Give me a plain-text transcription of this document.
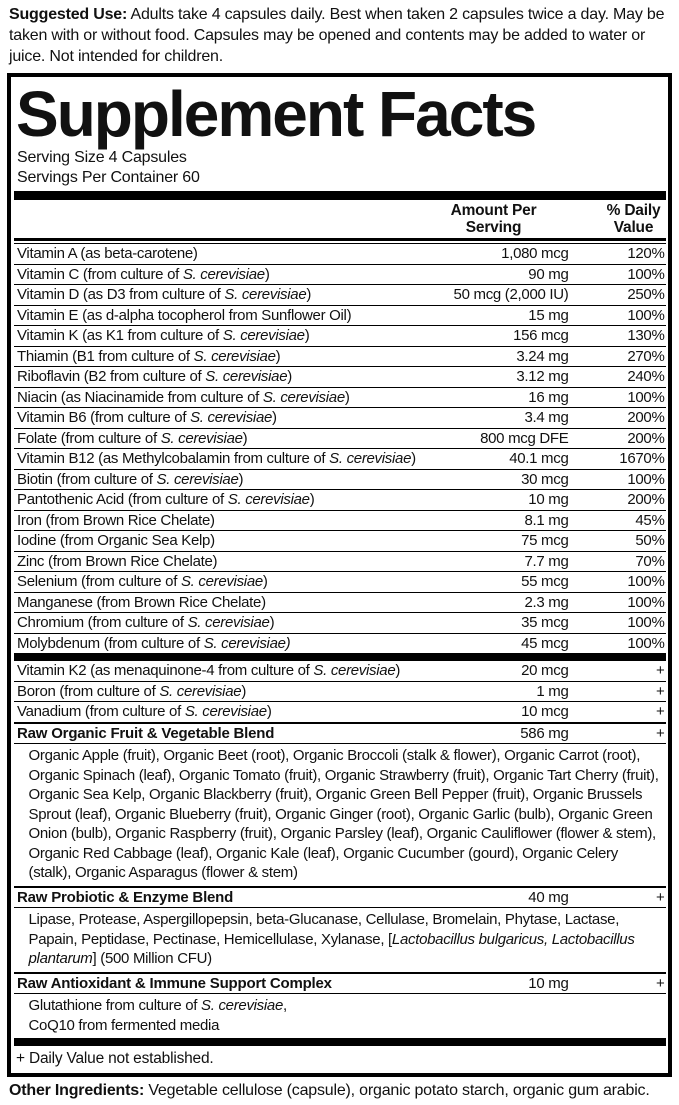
Suggested Use: Adults take 4 capsules daily. Best when taken 2 capsules twice a day. May be taken with or without food. Capsules may be opened and contents may be added to water or juice. Not intended for children.
Supplement Facts
Serving Size 4 Capsules
Servings Per Container 60
Amount Per Serving
% Daily Value
Vitamin A (as beta-carotene)	1,080 mcg	120%
Vitamin C (from culture of S. cerevisiae)	90 mg	100%
Vitamin D (as D3 from culture of S. cerevisiae)	50 mcg (2,000 IU)	250%
Vitamin E (as d-alpha tocopherol from Sunflower Oil)	15 mg	100%
Vitamin K (as K1 from culture of S. cerevisiae)	156 mcg	130%
Thiamin (B1 from culture of S. cerevisiae)	3.24 mg	270%
Riboflavin (B2 from culture of S. cerevisiae)	3.12 mg	240%
Niacin (as Niacinamide from culture of S. cerevisiae)	16 mg	100%
Vitamin B6 (from culture of S. cerevisiae)	3.4 mg	200%
Folate (from culture of S. cerevisiae)	800 mcg DFE	200%
Vitamin B12 (as Methylcobalamin from culture of S. cerevisiae)	40.1 mcg	1670%
Biotin (from culture of S. cerevisiae)	30 mcg	100%
Pantothenic Acid (from culture of S. cerevisiae)	10 mg	200%
Iron (from Brown Rice Chelate)	8.1 mg	45%
Iodine (from Organic Sea Kelp)	75 mcg	50%
Zinc (from Brown Rice Chelate)	7.7 mg	70%
Selenium (from culture of S. cerevisiae)	55 mcg	100%
Manganese (from Brown Rice Chelate)	2.3 mg	100%
Chromium (from culture of S. cerevisiae)	35 mcg	100%
Molybdenum (from culture of S. cerevisiae)	45 mcg	100%
Vitamin K2 (as menaquinone-4 from culture of S. cerevisiae)	20 mcg	+
Boron (from culture of S. cerevisiae)	1 mg	+
Vanadium (from culture of S. cerevisiae)	10 mcg	+
Raw Organic Fruit & Vegetable Blend	586 mg	+
Organic Apple (fruit), Organic Beet (root), Organic Broccoli (stalk & flower), Organic Carrot (root), Organic Spinach (leaf), Organic Tomato (fruit), Organic Strawberry (fruit), Organic Tart Cherry (fruit), Organic Sea Kelp, Organic Blackberry (fruit), Organic Green Bell Pepper (fruit), Organic Brussels Sprout (leaf), Organic Blueberry (fruit), Organic Ginger (root), Organic Garlic (bulb), Organic Green Onion (bulb), Organic Raspberry (fruit), Organic Parsley (leaf), Organic Cauliflower (flower & stem), Organic Red Cabbage (leaf), Organic Kale (leaf), Organic Cucumber (gourd), Organic Celery (stalk), Organic Asparagus (flower & stem)
Raw Probiotic & Enzyme Blend	40 mg	+
Lipase, Protease, Aspergillopepsin, beta-Glucanase, Cellulase, Bromelain, Phytase, Lactase, Papain, Peptidase, Pectinase, Hemicellulase, Xylanase, [Lactobacillus bulgaricus, Lactobacillus plantarum] (500 Million CFU)
Raw Antioxidant & Immune Support Complex	10 mg	+
Glutathione from culture of S. cerevisiae,
CoQ10 from fermented media
+ Daily Value not established.
Other Ingredients: Vegetable cellulose (capsule), organic potato starch, organic gum arabic.
